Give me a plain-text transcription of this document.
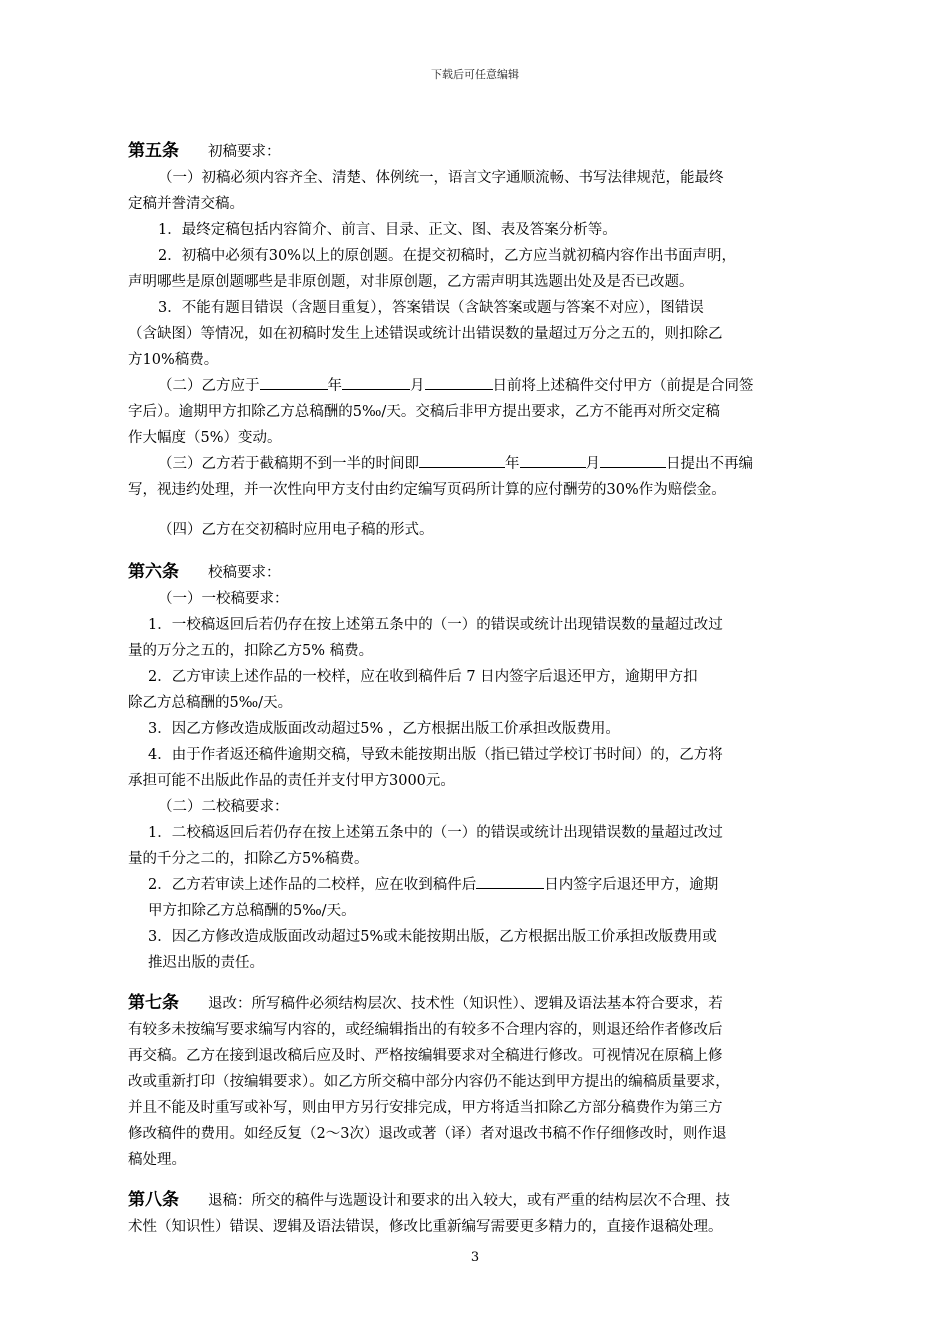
下载后可任意编辑
第五条 初稿要求：
（一）初稿必须内容齐全、清楚、体例统一，语言文字通顺流畅、书写法律规范，能最终
定稿并誊清交稿。
1．最终定稿包括内容简介、前言、目录、正文、图、表及答案分析等。
2．初稿中必须有30%以上的原创题。在提交初稿时，乙方应当就初稿内容作出书面声明，
声明哪些是原创题哪些是非原创题，对非原创题，乙方需声明其选题出处及是否已改题。
3．不能有题目错误（含题目重复），答案错误（含缺答案或题与答案不对应），图错误
（含缺图）等情况，如在初稿时发生上述错误或统计出错误数的量超过万分之五的，则扣除乙
方10%稿费。
（二）乙方应于	年	月	日前将上述稿件交付甲方（前提是合同签
字后）。逾期甲方扣除乙方总稿酬的5‰/天。交稿后非甲方提出要求，乙方不能再对所交定稿
作大幅度（5%）变动。
（三）乙方若于截稿期不到一半的时间即	年	月	日提出不再编
写，视违约处理，并一次性向甲方支付由约定编写页码所计算的应付酬劳的30%作为赔偿金。
（四）乙方在交初稿时应用电子稿的形式。
第六条 校稿要求：
（一）一校稿要求：
1．一校稿返回后若仍存在按上述第五条中的（一）的错误或统计出现错误数的量超过改过
量的万分之五的，扣除乙方5% 稿费。
2．乙方审读上述作品的一校样，应在收到稿件后 7 日内签字后退还甲方，逾期甲方扣
除乙方总稿酬的5‰/天。
3．因乙方修改造成版面改动超过5% ，乙方根据出版工价承担改版费用。
4．由于作者返还稿件逾期交稿，导致未能按期出版（指已错过学校订书时间）的，乙方将
承担可能不出版此作品的责任并支付甲方3000元。
（二）二校稿要求：
1．二校稿返回后若仍存在按上述第五条中的（一）的错误或统计出现错误数的量超过改过
量的千分之二的，扣除乙方5%稿费。
2．乙方若审读上述作品的二校样，应在收到稿件后	日内签字后退还甲方，逾期
甲方扣除乙方总稿酬的5‰/天。
3．因乙方修改造成版面改动超过5%或未能按期出版，乙方根据出版工价承担改版费用或
推迟出版的责任。
第七条 退改：所写稿件必须结构层次、技术性（知识性）、逻辑及语法基本符合要求，若
有较多未按编写要求编写内容的，或经编辑指出的有较多不合理内容的，则退还给作者修改后
再交稿。乙方在接到退改稿后应及时、严格按编辑要求对全稿进行修改。可视情况在原稿上修
改或重新打印（按编辑要求）。如乙方所交稿中部分内容仍不能达到甲方提出的编稿质量要求，
并且不能及时重写或补写，则由甲方另行安排完成，甲方将适当扣除乙方部分稿费作为第三方
修改稿件的费用。如经反复（2～3次）退改或著（译）者对退改书稿不作仔细修改时，则作退
稿处理。
第八条 退稿：所交的稿件与选题设计和要求的出入较大，或有严重的结构层次不合理、技
术性（知识性）错误、逻辑及语法错误，修改比重新编写需要更多精力的，直接作退稿处理。
3
